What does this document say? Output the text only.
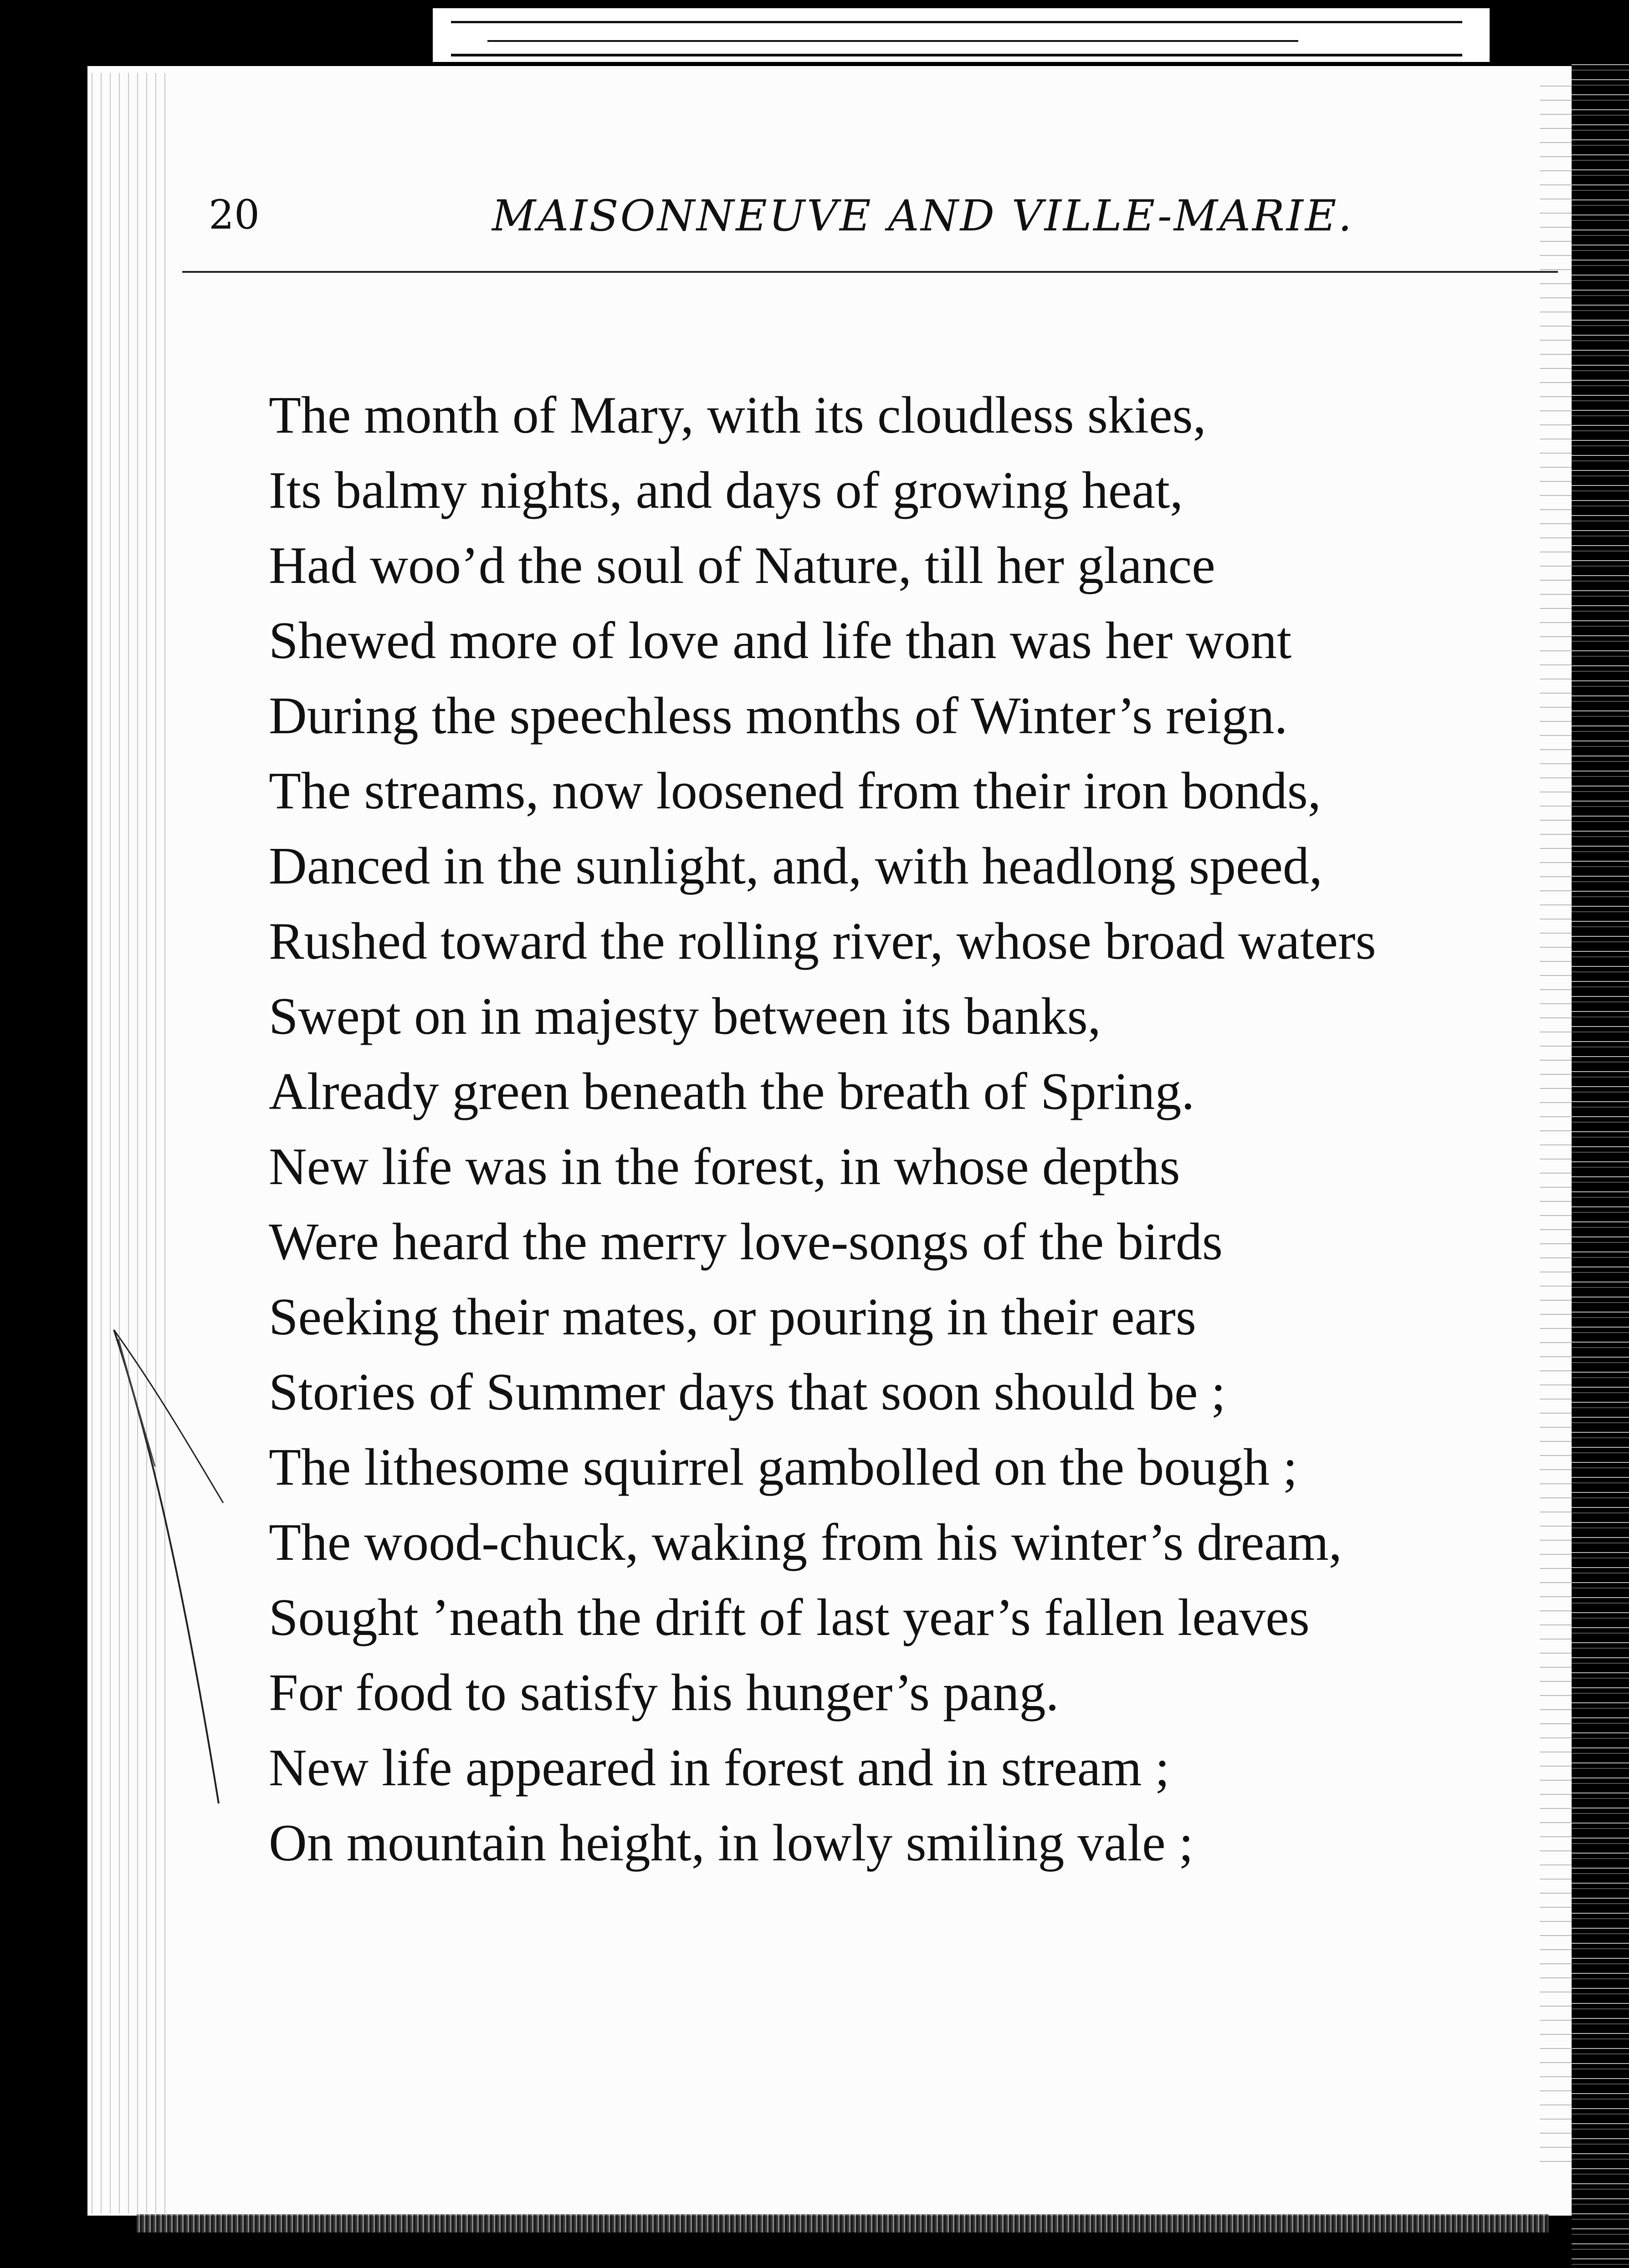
20	MAISONNEUVE AND VILLE-MARIE.
The month of Mary, with its cloudless skies,
Its balmy nights, and days of growing heat,
Had woo’d the soul of Nature, till her glance
Shewed more of love and life than was her wont
During the speechless months of Winter’s reign.
The streams, now loosened from their iron bonds,
Danced in the sunlight, and, with headlong speed,
Rushed toward the rolling river, whose broad waters
Swept on in majesty between its banks,
Already green beneath the breath of Spring.
New life was in the forest, in whose depths
Were heard the merry love-songs of the birds
Seeking their mates, or pouring in their ears
Stories of Summer days that soon should be ;
The lithesome squirrel gambolled on the bough ;
The wood-chuck, waking from his winter’s dream,
Sought ’neath the drift of last year’s fallen leaves
For food to satisfy his hunger’s pang.
New life appeared in forest and in stream ;
On mountain height, in lowly smiling vale ;
